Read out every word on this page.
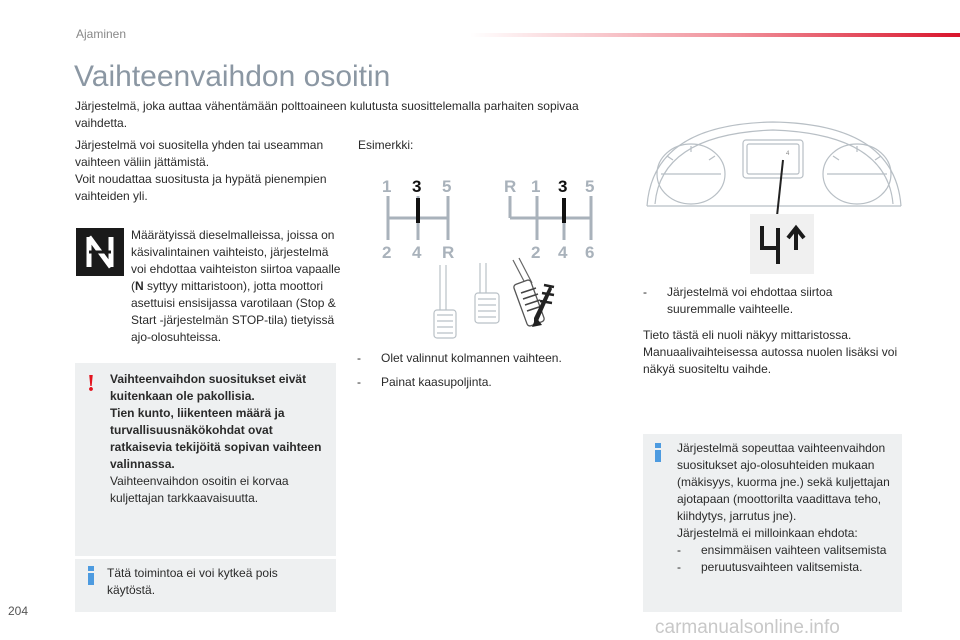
Ajaminen
Vaihteenvaihdon osoitin
Järjestelmä, joka auttaa vähentämään polttoaineen kulutusta suosittelemalla parhaiten sopivaa vaihdetta.
Järjestelmä voi suositella yhden tai useamman vaihteen väliin jättämistä.
Voit noudattaa suositusta ja hypätä pienempien vaihteiden yli.
Määrätyissä dieselmalleissa, joissa on käsivalintainen vaihteisto, järjestelmä voi ehdottaa vaihteiston siirtoa vapaalle (N syttyy mittaristoon), jotta moottori asettuisi ensisijassa varotilaan (Stop & Start -järjestelmän STOP-tila) tietyissä ajo-olosuhteissa.
! Vaihteenvaihdon suositukset eivät kuitenkaan ole pakollisia.
Tien kunto, liikenteen määrä ja turvallisuusnäkökohdat ovat ratkaisevia tekijöitä sopivan vaihteen valinnassa.
Vaihteenvaihdon osoitin ei korvaa kuljettajan tarkkaavaisuutta.
Tätä toimintoa ei voi kytkeä pois käytöstä.
Esimerkki:
1 3 5
2 4 R
R 1 3 5
2 4 6
-	Olet valinnut kolmannen vaihteen.
-	Painat kaasupoljinta.
4
-	Järjestelmä voi ehdottaa siirtoa suuremmalle vaihteelle.
Tieto tästä eli nuoli näkyy mittaristossa.
Manuaalivaihteisessa autossa nuolen lisäksi voi näkyä suositeltu vaihde.
Järjestelmä sopeuttaa vaihteenvaihdon suositukset ajo-olosuhteiden mukaan (mäkisyys, kuorma jne.) sekä kuljettajan ajotapaan (moottorilta vaadittava teho, kiihdytys, jarrutus jne).
Järjestelmä ei milloinkaan ehdota:
-	ensimmäisen vaihteen valitsemista
-	peruutusvaihteen valitsemista.
204
carmanualsonline.info
